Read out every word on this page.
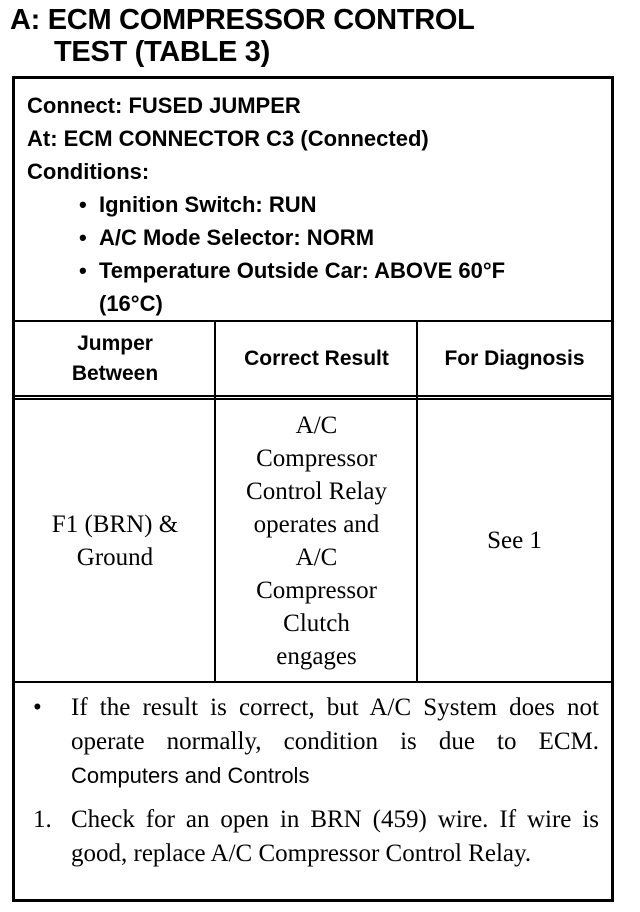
A: ECM COMPRESSOR CONTROL
TEST (TABLE 3)
Connect: FUSED JUMPER
At: ECM CONNECTOR C3 (Connected)
Conditions:
• Ignition Switch: RUN
• A/C Mode Selector: NORM
• Temperature Outside Car: ABOVE 60°F
(16°C)
Jumper
Between
Correct Result	For Diagnosis
F1 (BRN) &
Ground
A/C
Compressor
Control Relay
operates and
A/C
Compressor
Clutch
engages
See 1
• If the result is correct, but A/C System does not operate normally, condition is due to ECM. Computers and Controls
1. Check for an open in BRN (459) wire. If wire is good, replace A/C Compressor Control Relay.
